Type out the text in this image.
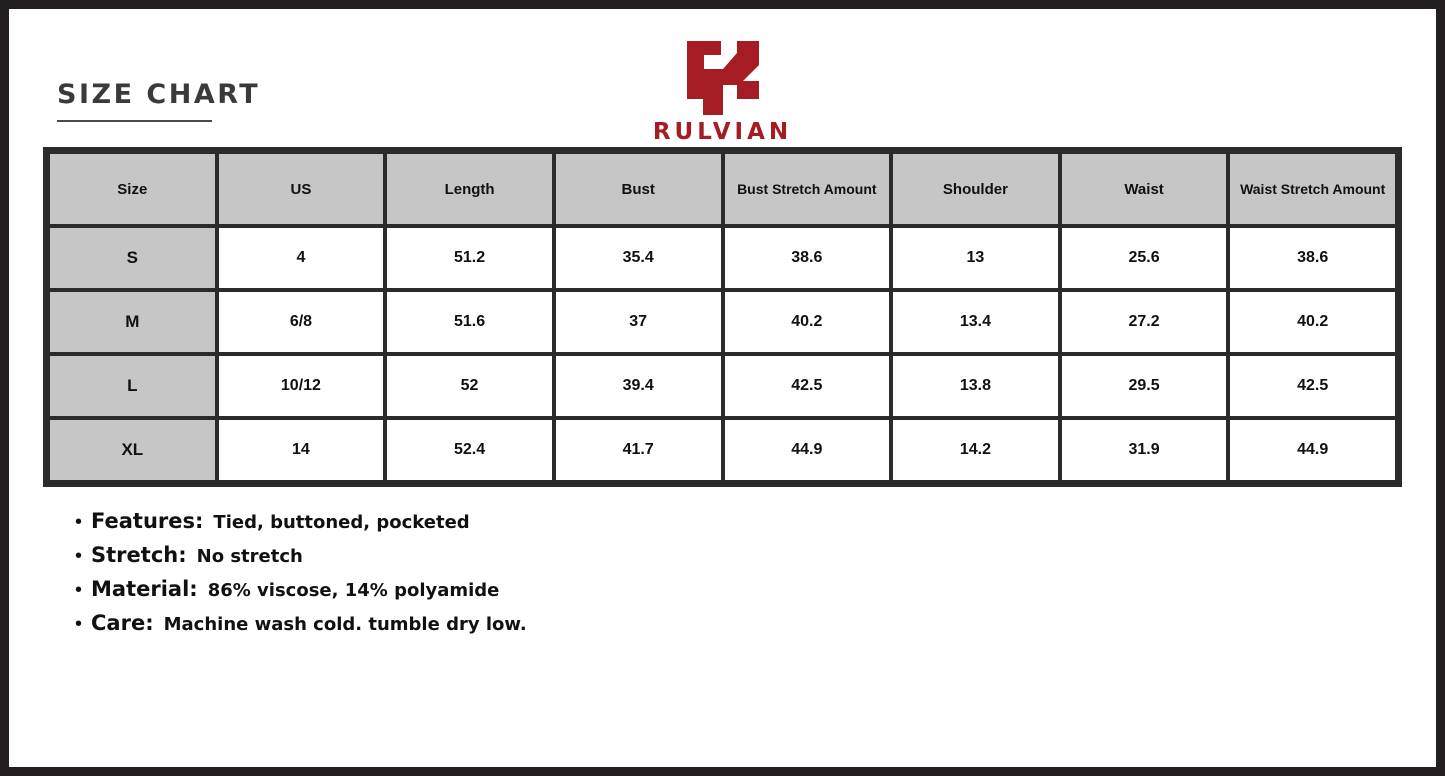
SIZE CHART
RULVIAN
Size	US	Length	Bust	Bust Stretch Amount	Shoulder	Waist	Waist Stretch Amount
S	4	51.2	35.4	38.6	13	25.6	38.6
M	6/8	51.6	37	40.2	13.4	27.2	40.2
L	10/12	52	39.4	42.5	13.8	29.5	42.5
XL	14	52.4	41.7	44.9	14.2	31.9	44.9
• Features: Tied, buttoned, pocketed
• Stretch: No stretch
• Material: 86% viscose, 14% polyamide
• Care: Machine wash cold. tumble dry low.
